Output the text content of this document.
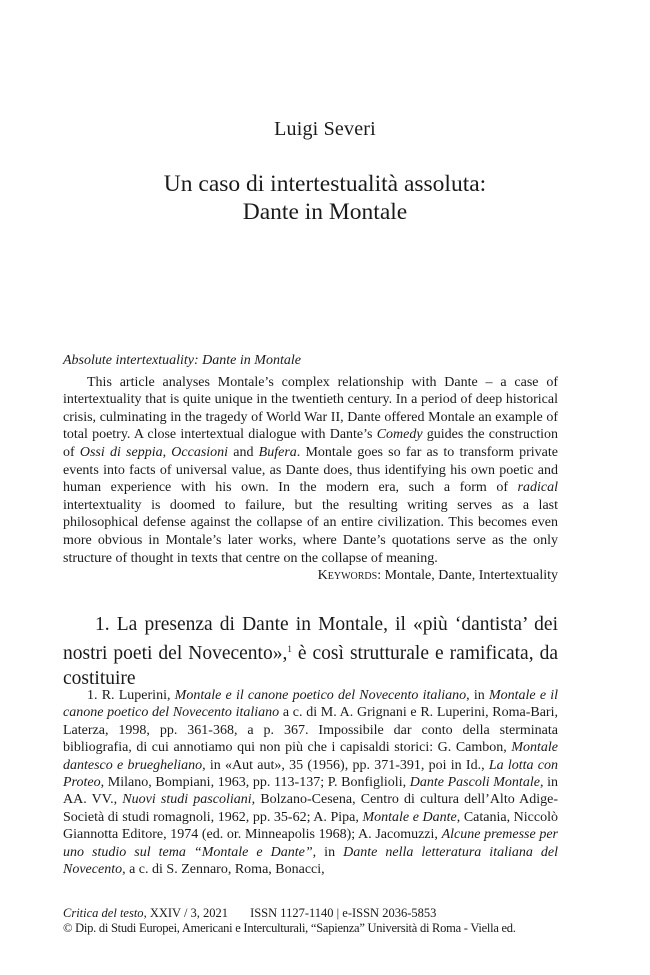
Luigi Severi
Un caso di intertestualità assoluta:
Dante in Montale

Absolute intertextuality: Dante in Montale

This article analyses Montale’s complex relationship with Dante – a case of intertextuality that is quite unique in the twentieth century. In a period of deep historical crisis, culminating in the tragedy of World War II, Dante offered Montale an example of total poetry. A close intertextual dialogue with Dante’s Comedy guides the construction of Ossi di seppia, Occasioni and Bufera. Montale goes so far as to transform private events into facts of universal value, as Dante does, thus identifying his own poetic and human experience with his own. In the modern era, such a form of radical intertextuality is doomed to failure, but the resulting writing serves as a last philosophical defense against the collapse of an entire civilization. This becomes even more obvious in Montale’s later works, where Dante’s quotations serve as the only structure of thought in texts that centre on the collapse of meaning.

Keywords: Montale, Dante, Intertextuality

1. La presenza di Dante in Montale, il «più ‘dantista’ dei nostri poeti del Novecento»,$^1$ è così strutturale e ramificata, da costituire

1. R. Luperini, Montale e il canone poetico del Novecento italiano, in Montale e il canone poetico del Novecento italiano a c. di M. A. Grignani e R. Luperini, Roma-Bari, Laterza, 1998, pp. 361-368, a p. 367. Impossibile dar conto della sterminata bibliografia, di cui annotiamo qui non più che i capisaldi storici: G. Cambon, Montale dantesco e brueghelіano, in «Aut aut», 35 (1956), pp. 371-391, poi in Id., La lotta con Proteo, Milano, Bompiani, 1963, pp. 113-137; P. Bonfiglioli, Dante Pascoli Montale, in AA. VV., Nuovi studi pascoliani, Bolzano-Cesena, Centro di cultura dell’Alto Adige-Società di studi romagnoli, 1962, pp. 35-62; A. Pipa, Montale e Dante, Catania, Niccolò Giannotta Editore, 1974 (ed. or. Minneapolis 1968); A. Jacomuzzi, Alcune premesse per uno studio sul tema “Montale e Dante”, in Dante nella letteratura italiana del Novecento, a c. di S. Zennaro, Roma, Bonacci,

Critica del testo, XXIV / 3, 2021 ISSN 1127-1140 | e-ISSN 2036-5853
© Dip. di Studi Europei, Americani e Interculturali, “Sapienza” Università di Roma - Viella ed.
